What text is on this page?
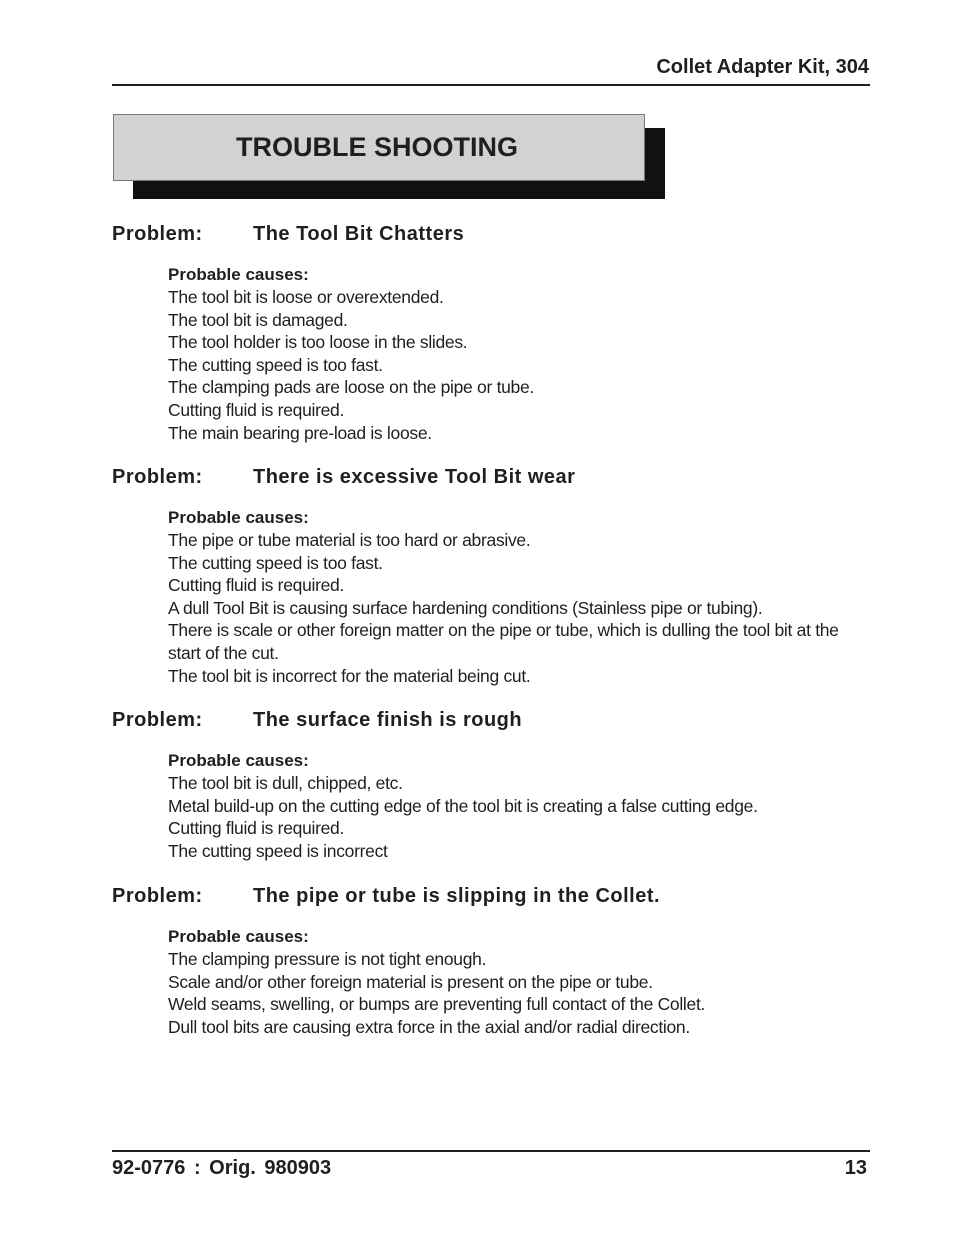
Collet Adapter Kit, 304
TROUBLE SHOOTING
Problem:	The Tool Bit Chatters
Probable causes:
The tool bit is loose or overextended.
The tool bit is damaged.
The tool holder is too loose in the slides.
The cutting speed is too fast.
The clamping pads are loose on the pipe or tube.
Cutting fluid is required.
The main bearing pre-load is loose.
Problem:	There is excessive Tool Bit wear
Probable causes:
The pipe or tube material is too hard or abrasive.
The cutting speed is too fast.
Cutting fluid is required.
A dull Tool Bit is causing surface hardening conditions (Stainless pipe or tubing).
There is scale or other foreign matter on the pipe or tube, which is dulling the tool bit at the start of the cut.
The tool bit is incorrect for the material being cut.
Problem:	The surface finish is rough
Probable causes:
The tool bit is dull, chipped, etc.
Metal build-up on the cutting edge of the tool bit is creating a false cutting edge.
Cutting fluid is required.
The cutting speed is incorrect
Problem:	The pipe or tube is slipping in the Collet.
Probable causes:
The clamping pressure is not tight enough.
Scale and/or other foreign material is present on the pipe or tube.
Weld seams, swelling, or bumps are preventing full contact of the Collet.
Dull tool bits are causing extra force in the axial and/or radial direction.
92-0776 : Orig. 980903	13
